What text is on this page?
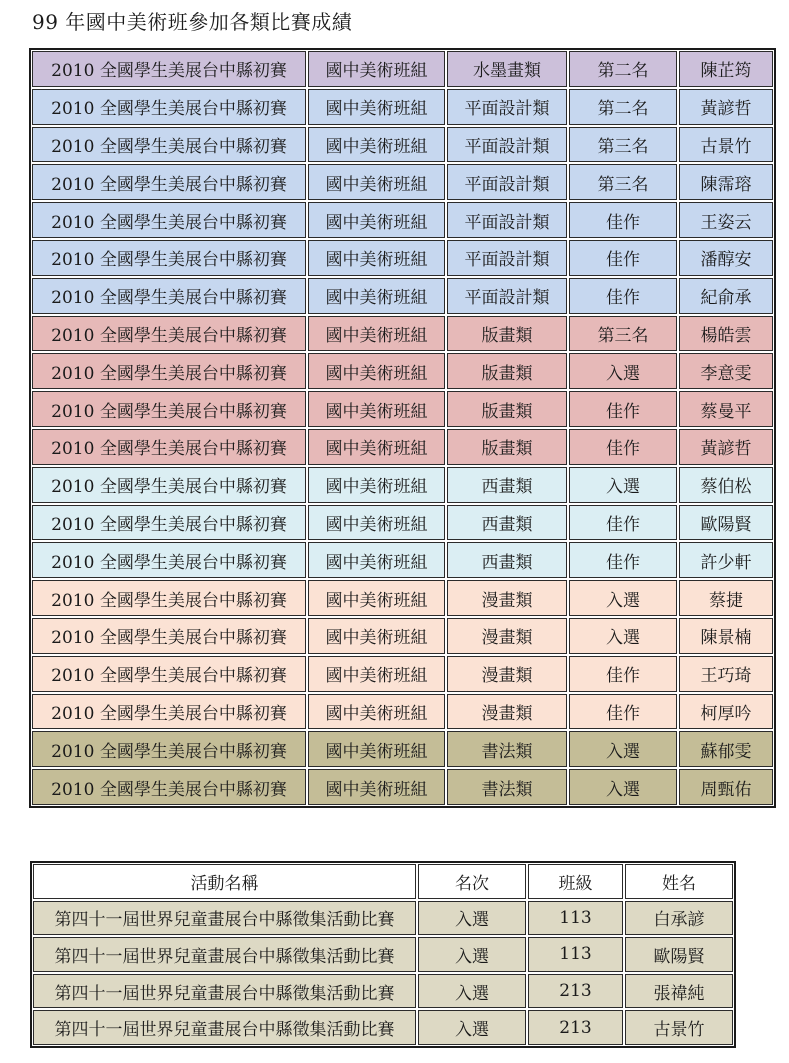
99 年國中美術班參加各類比賽成績
2010 全國學生美展台中縣初賽	國中美術班組	水墨畫類	第二名	陳芷筠
2010 全國學生美展台中縣初賽	國中美術班組	平面設計類	第二名	黃諺哲
2010 全國學生美展台中縣初賽	國中美術班組	平面設計類	第三名	古景竹
2010 全國學生美展台中縣初賽	國中美術班組	平面設計類	第三名	陳霈瑢
2010 全國學生美展台中縣初賽	國中美術班組	平面設計類	佳作	王姿云
2010 全國學生美展台中縣初賽	國中美術班組	平面設計類	佳作	潘醇安
2010 全國學生美展台中縣初賽	國中美術班組	平面設計類	佳作	紀俞承
2010 全國學生美展台中縣初賽	國中美術班組	版畫類	第三名	楊皓雲
2010 全國學生美展台中縣初賽	國中美術班組	版畫類	入選	李意雯
2010 全國學生美展台中縣初賽	國中美術班組	版畫類	佳作	蔡曼平
2010 全國學生美展台中縣初賽	國中美術班組	版畫類	佳作	黃諺哲
2010 全國學生美展台中縣初賽	國中美術班組	西畫類	入選	蔡伯松
2010 全國學生美展台中縣初賽	國中美術班組	西畫類	佳作	歐陽賢
2010 全國學生美展台中縣初賽	國中美術班組	西畫類	佳作	許少軒
2010 全國學生美展台中縣初賽	國中美術班組	漫畫類	入選	蔡捷
2010 全國學生美展台中縣初賽	國中美術班組	漫畫類	入選	陳景楠
2010 全國學生美展台中縣初賽	國中美術班組	漫畫類	佳作	王巧琦
2010 全國學生美展台中縣初賽	國中美術班組	漫畫類	佳作	柯厚吟
2010 全國學生美展台中縣初賽	國中美術班組	書法類	入選	蘇郁雯
2010 全國學生美展台中縣初賽	國中美術班組	書法類	入選	周甄佑
活動名稱	名次	班級	姓名
第四十一屆世界兒童畫展台中縣徵集活動比賽	入選	113	白承諺
第四十一屆世界兒童畫展台中縣徵集活動比賽	入選	113	歐陽賢
第四十一屆世界兒童畫展台中縣徵集活動比賽	入選	213	張禕純
第四十一屆世界兒童畫展台中縣徵集活動比賽	入選	213	古景竹
